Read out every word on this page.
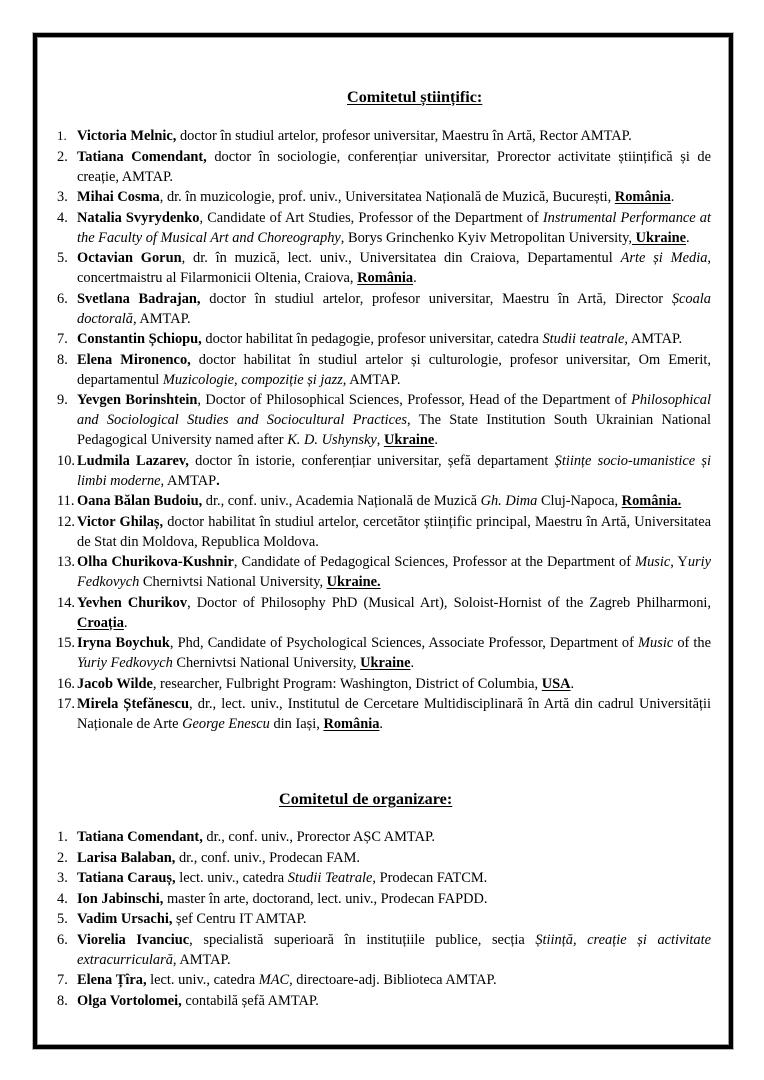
Comitetul științific:
1. Victoria Melnic, doctor în studiul artelor, profesor universitar, Maestru în Artă, Rector AMTAP.
2. Tatiana Comendant, doctor în sociologie, conferențiar universitar, Prorector activitate științifică și de creație, AMTAP.
3. Mihai Cosma, dr. în muzicologie, prof. univ., Universitatea Națională de Muzică, București, România.
4. Natalia Svyrydenko, Candidate of Art Studies, Professor of the Department of Instrumental Performance at the Faculty of Musical Art and Choreography, Borys Grinchenko Kyiv Metropolitan University, Ukraine.
5. Octavian Gorun, dr. în muzică, lect. univ., Universitatea din Craiova, Departamentul Arte și Media, concertmaistru al Filarmonicii Oltenia, Craiova, România.
6. Svetlana Badrajan, doctor în studiul artelor, profesor universitar, Maestru în Artă, Director Școala doctorală, AMTAP.
7. Constantin Șchiopu, doctor habilitat în pedagogie, profesor universitar, catedra Studii teatrale, AMTAP.
8. Elena Mironenco, doctor habilitat în studiul artelor și culturologie, profesor universitar, Om Emerit, departamentul Muzicologie, compoziție și jazz, AMTAP.
9. Yevgen Borinshtein, Doctor of Philosophical Sciences, Professor, Head of the Department of Philosophical and Sociological Studies and Sociocultural Practices, The State Institution South Ukrainian National Pedagogical University named after K. D. Ushynsky, Ukraine.
10. Ludmila Lazarev, doctor în istorie, conferențiar universitar, șefă departament Științe socio-umanistice și limbi moderne, AMTAP.
11. Oana Bălan Budoiu, dr., conf. univ., Academia Națională de Muzică Gh. Dima Cluj-Napoca, România.
12. Victor Ghilaș, doctor habilitat în studiul artelor, cercetător științific principal, Maestru în Artă, Universitatea de Stat din Moldova, Republica Moldova.
13. Olha Churikova-Kushnir, Candidate of Pedagogical Sciences, Professor at the Department of Music, Yuriy Fedkovych Chernivtsi National University, Ukraine.
14. Yevhen Churikov, Doctor of Philosophy PhD (Musical Art), Soloist-Hornist of the Zagreb Philharmoni, Croația.
15. Iryna Boychuk, Phd, Candidate of Psychological Sciences, Associate Professor, Department of Music of the Yuriy Fedkovych Chernivtsi National University, Ukraine.
16. Jacob Wilde, researcher, Fulbright Program: Washington, District of Columbia, USA.
17. Mirela Ștefănescu, dr., lect. univ., Institutul de Cercetare Multidisciplinară în Artă din cadrul Universității Naționale de Arte George Enescu din Iași, România.
Comitetul de organizare:
1. Tatiana Comendant, dr., conf. univ., Prorector AȘC AMTAP.
2. Larisa Balaban, dr., conf. univ., Prodecan FAM.
3. Tatiana Carauș, lect. univ., catedra Studii Teatrale, Prodecan FATCM.
4. Ion Jabinschi, master în arte, doctorand, lect. univ., Prodecan FAPDD.
5. Vadim Ursachi, șef Centru IT AMTAP.
6. Viorelia Ivanciuc, specialistă superioară în instituțiile publice, secția Știință, creație și activitate extracurriculară, AMTAP.
7. Elena Țîra, lect. univ., catedra MAC, directoare-adj. Biblioteca AMTAP.
8. Olga Vortolomei, contabilă șefă AMTAP.
